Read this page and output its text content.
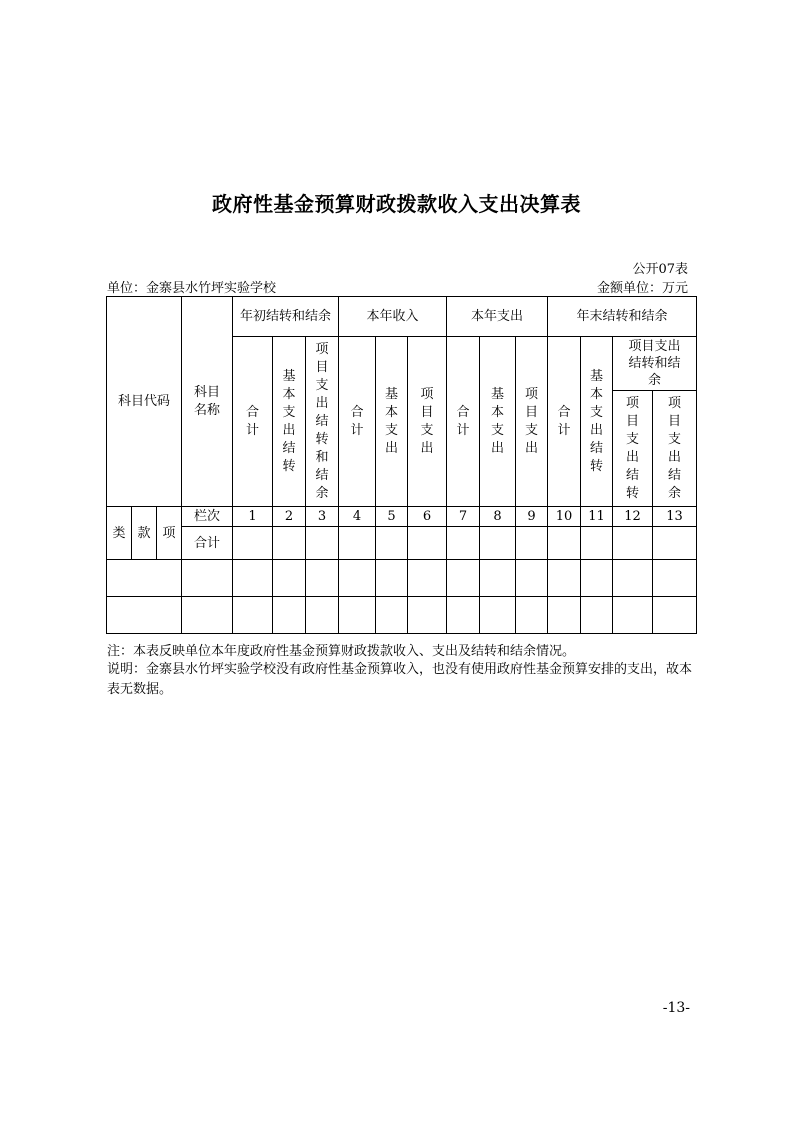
政府性基金预算财政拨款收入支出决算表
公开07表
单位：金寨县水竹坪实验学校	金额单位：万元
科目代码			科目名称	年初结转和结余			本年收入			本年支出			年末结转和结余			
				合计	基本支出结转	项目支出结转和结余	合计	基本支出	项目支出	合计	基本支出	项目支出	合计	基本支出结转	项目支出结转和结余	

															项目支出结转	项目支出结余
类	款	项	栏次	1	2	3	4	5	6	7	8	9	10	11	12	13
			合计													

注：本表反映单位本年度政府性基金预算财政拨款收入、支出及结转和结余情况。
说明：金寨县水竹坪实验学校没有政府性基金预算收入，也没有使用政府性基金预算安排的支出，故本表无数据。
-13-
